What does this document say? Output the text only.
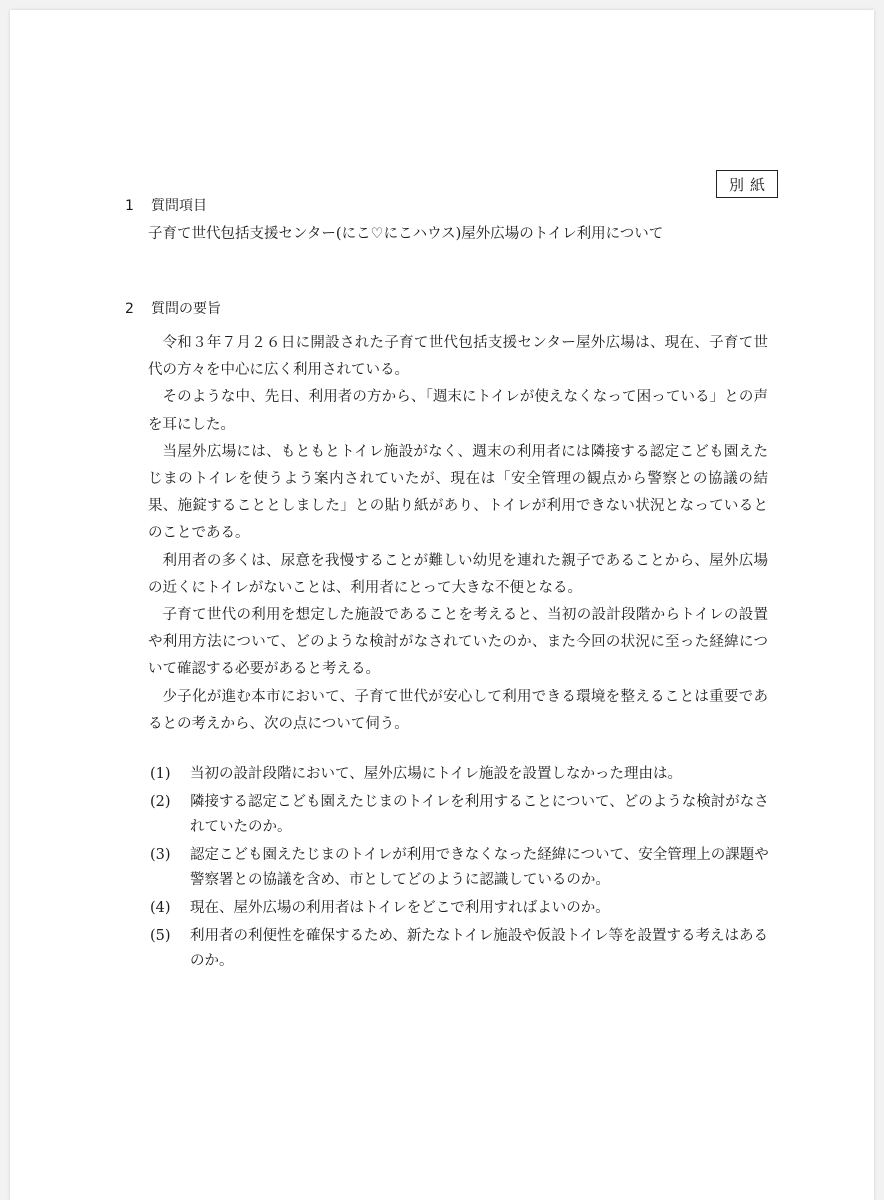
別紙
1 質問項目
子育て世代包括支援センター(にこ♡にこハウス)屋外広場のトイレ利用について
2 質問の要旨

令和３年７月２６日に開設された子育て世代包括支援センター屋外広場は、現在、子育て世代の方々を中心に広く利用されている。

そのような中、先日、利用者の方から、「週末にトイレが使えなくなって困っている」との声を耳にした。

当屋外広場には、もともとトイレ施設がなく、週末の利用者には隣接する認定こども園えたじまのトイレを使うよう案内されていたが、現在は「安全管理の観点から警察との協議の結果、施錠することとしました」との貼り紙があり、トイレが利用できない状況となっているとのことである。

利用者の多くは、尿意を我慢することが難しい幼児を連れた親子であることから、屋外広場の近くにトイレがないことは、利用者にとって大きな不便となる。

子育て世代の利用を想定した施設であることを考えると、当初の設計段階からトイレの設置や利用方法について、どのような検討がなされていたのか、また今回の状況に至った経緯について確認する必要があると考える。

少子化が進む本市において、子育て世代が安心して利用できる環境を整えることは重要であるとの考えから、次の点について伺う。

(1)	当初の設計段階において、屋外広場にトイレ施設を設置しなかった理由は。
(2)	隣接する認定こども園えたじまのトイレを利用することについて、どのような検討がなされていたのか。
(3)	認定こども園えたじまのトイレが利用できなくなった経緯について、安全管理上の課題や警察署との協議を含め、市としてどのように認識しているのか。
(4)	現在、屋外広場の利用者はトイレをどこで利用すればよいのか。
(5)	利用者の利便性を確保するため、新たなトイレ施設や仮設トイレ等を設置する考えはあるのか。
